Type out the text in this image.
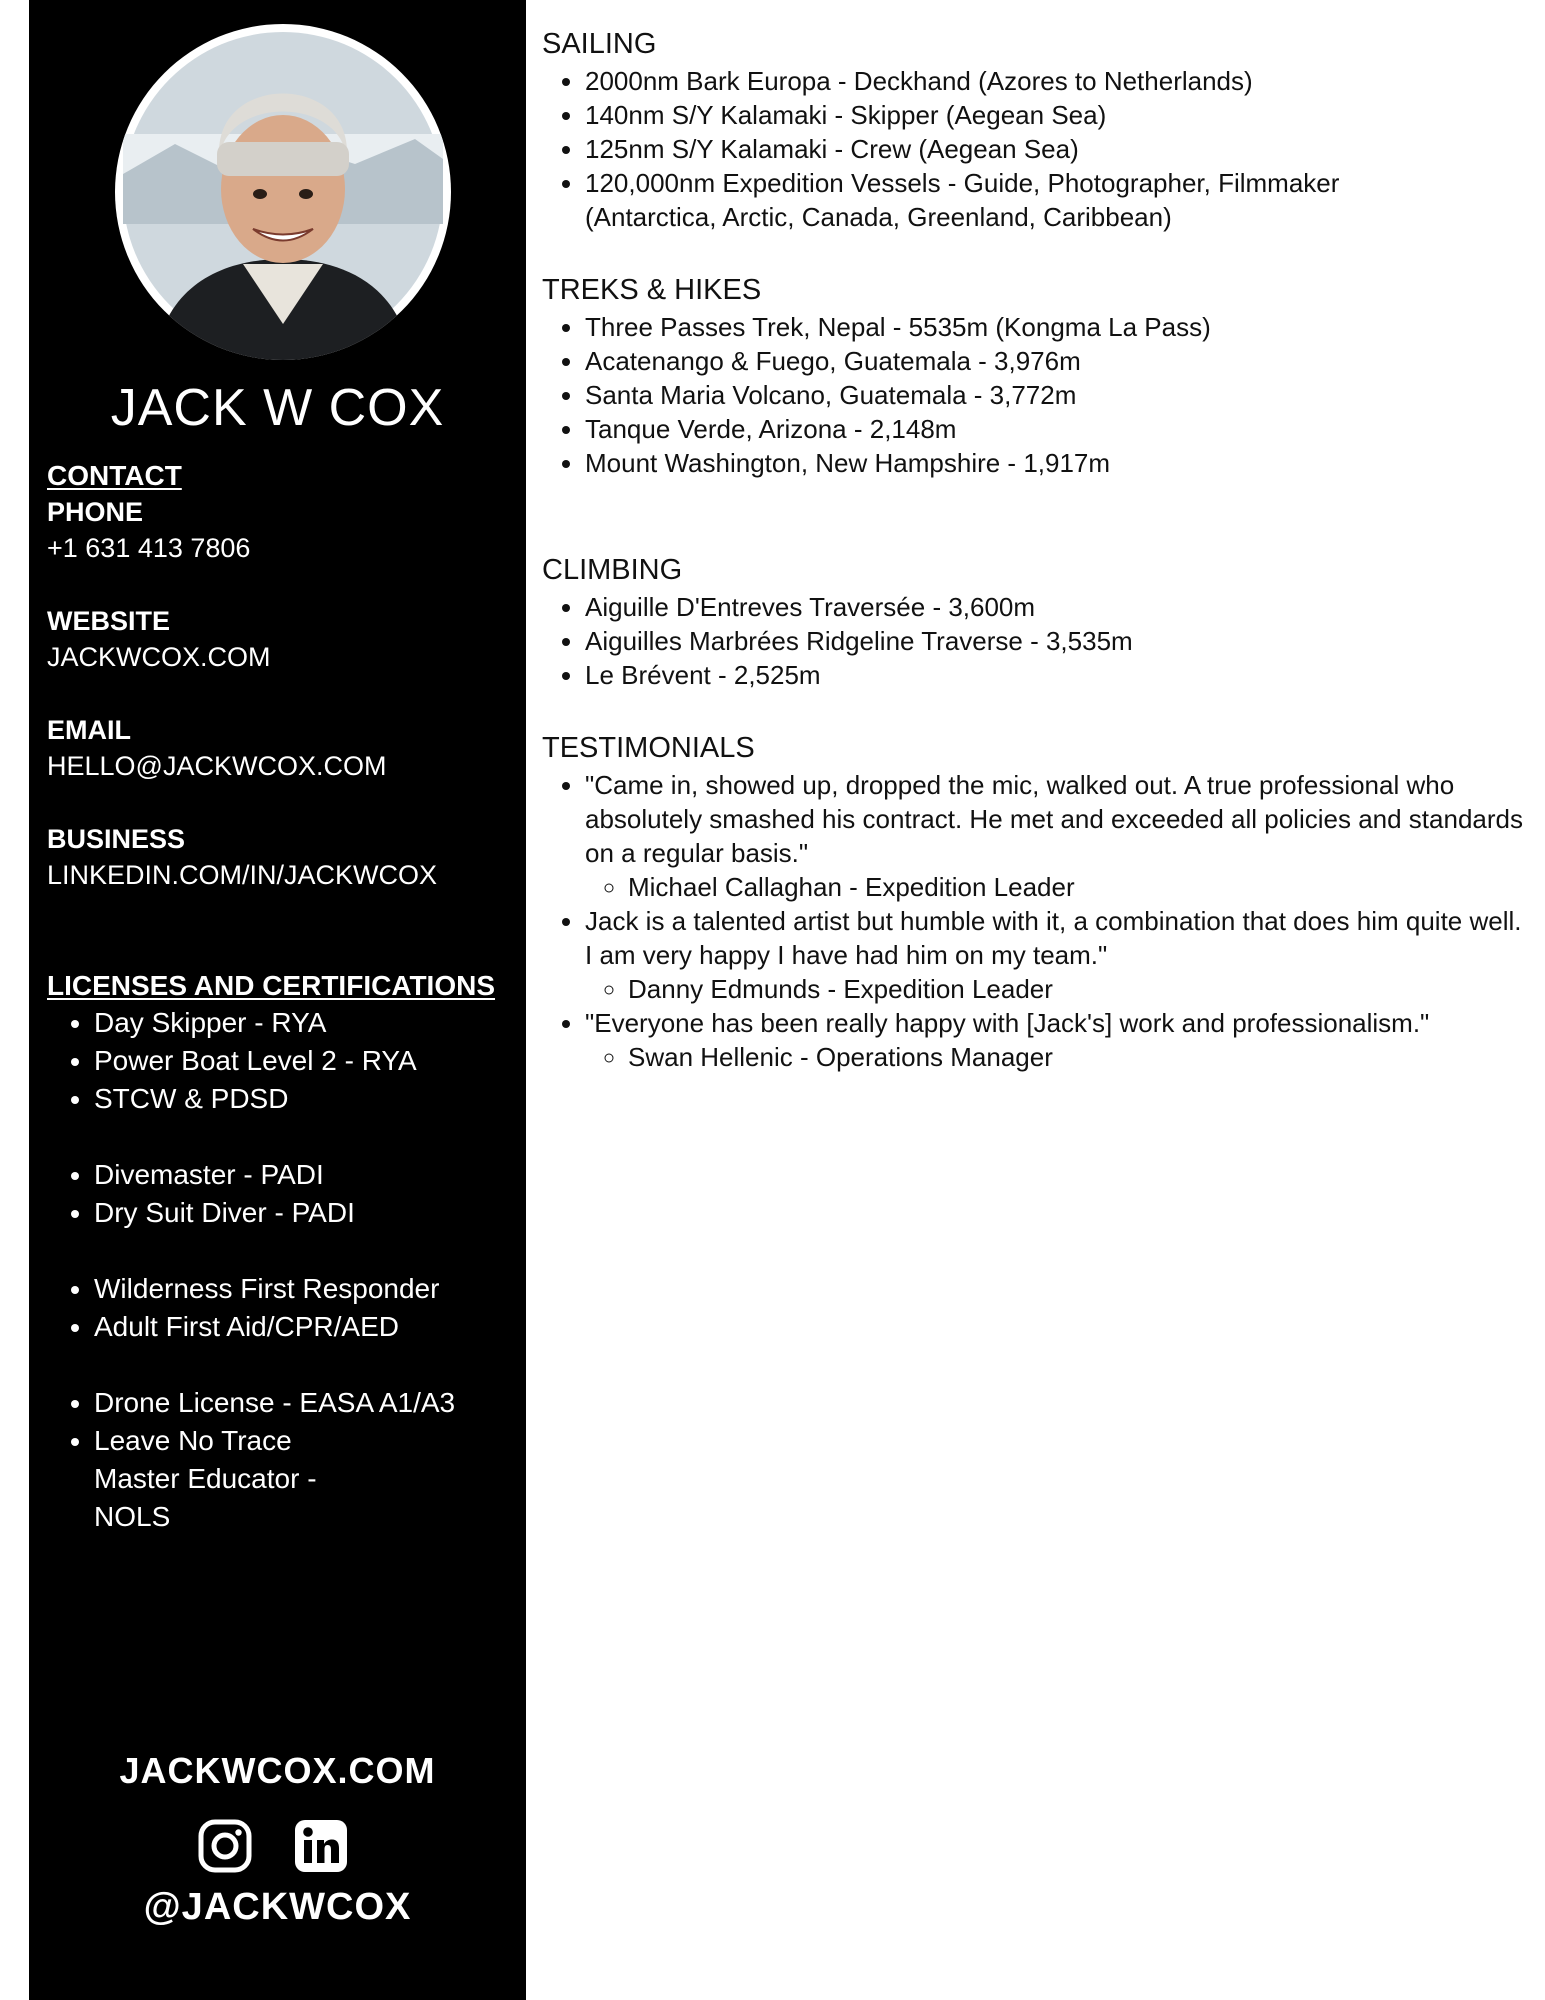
JACK W COX
CONTACT
PHONE
+1 631 413 7806
WEBSITE
JACKWCOX.COM
EMAIL
HELLO@JACKWCOX.COM
BUSINESS
LINKEDIN.COM/IN/JACKWCOX
LICENSES AND CERTIFICATIONS
• Day Skipper - RYA
• Power Boat Level 2 - RYA
• STCW & PDSD
• Divemaster - PADI
• Dry Suit Diver - PADI
• Wilderness First Responder
• Adult First Aid/CPR/AED
• Drone License - EASA A1/A3
• Leave No Trace Master Educator - NOLS
JACKWCOX.COM
@JACKWCOX
SAILING
• 2000nm Bark Europa - Deckhand (Azores to Netherlands)
• 140nm S/Y Kalamaki - Skipper (Aegean Sea)
• 125nm S/Y Kalamaki - Crew (Aegean Sea)
• 120,000nm Expedition Vessels - Guide, Photographer, Filmmaker (Antarctica, Arctic, Canada, Greenland, Caribbean)
TREKS & HIKES
• Three Passes Trek, Nepal - 5535m (Kongma La Pass)
• Acatenango & Fuego, Guatemala - 3,976m
• Santa Maria Volcano, Guatemala - 3,772m
• Tanque Verde, Arizona - 2,148m
• Mount Washington, New Hampshire - 1,917m
CLIMBING
• Aiguille D'Entreves Traversée - 3,600m
• Aiguilles Marbrées Ridgeline Traverse - 3,535m
• Le Brévent - 2,525m
TESTIMONIALS
• "Came in, showed up, dropped the mic, walked out. A true professional who absolutely smashed his contract. He met and exceeded all policies and standards on a regular basis."
◦ Michael Callaghan - Expedition Leader
• Jack is a talented artist but humble with it, a combination that does him quite well. I am very happy I have had him on my team."
◦ Danny Edmunds - Expedition Leader
• "Everyone has been really happy with [Jack's] work and professionalism."
◦ Swan Hellenic - Operations Manager
